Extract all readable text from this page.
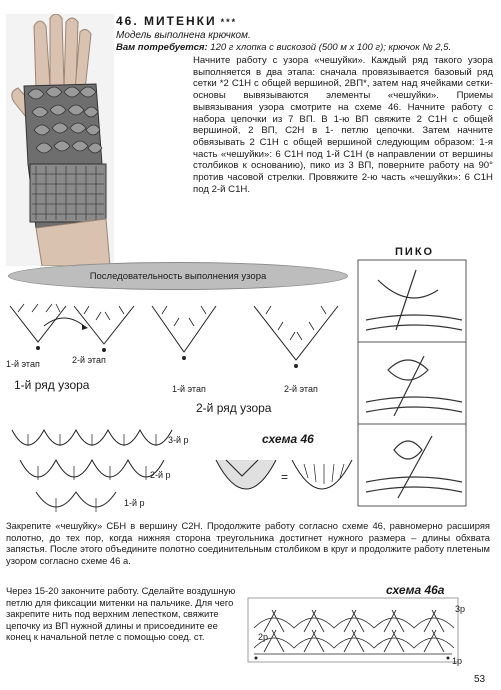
46. МИТЕНКИ ***
Модель выполнена крючком.
Вам потребуется: 120 г хлопка с вискозой (500 м х 100 г); крючок № 2,5.
Начните работу с узора «чешуйки». Каждый ряд такого узора выполняется в два этапа: сначала провязывается базовый ряд сетки *2 С1Н с общей вершиной, 2ВП*, затем над ячейками сетки-основы вывязываются элементы «чешуйки». Приемы вывязывания узора смотрите на схеме 46. Начните работу с набора цепочки из 7 ВП. В 1-ю ВП свяжите 2 С1Н с общей вершиной, 2 ВП, С2Н в 1- петлю цепочки. Затем начните обвязывать 2 С1Н с общей вершиной следующим образом: 1-я часть «чешуйки»: 6 С1Н под 1-й С1Н (в направлении от вершины столбиков к основанию), пико из 3 ВП, поверните работу на 90° против часовой стрелки. Провяжите 2-ю часть «чешуйки»: 6 С1Н под 2-й С1Н.
Последовательность выполнения узора
ПИКО
1-й этап	2-й этап
1-й этап	2-й этап
1-й ряд узора
2-й ряд узора
3-й р
2-й р
1-й р
схема 46
=
Закрепите «чешуйку» СБН в вершину С2Н. Продолжите работу согласно схеме 46, равномерно расширяя полотно, до тех пор, когда нижняя сторона треугольника достигнет нужного размера – длины обхвата запястья. После этого объедините полотно соединительным столбиком в круг и продолжите работу плетеным узором согласно схеме 46 а.
Через 15-20 закончите работу. Сделайте воздушную петлю для фиксации митенки на пальчике. Для чего закрепите нить под верхним лепестком, свяжите цепочку из ВП нужной длины и присоедините ее конец к начальной петле с помощью соед. ст.
схема 46а
3р
2р
1р
53
